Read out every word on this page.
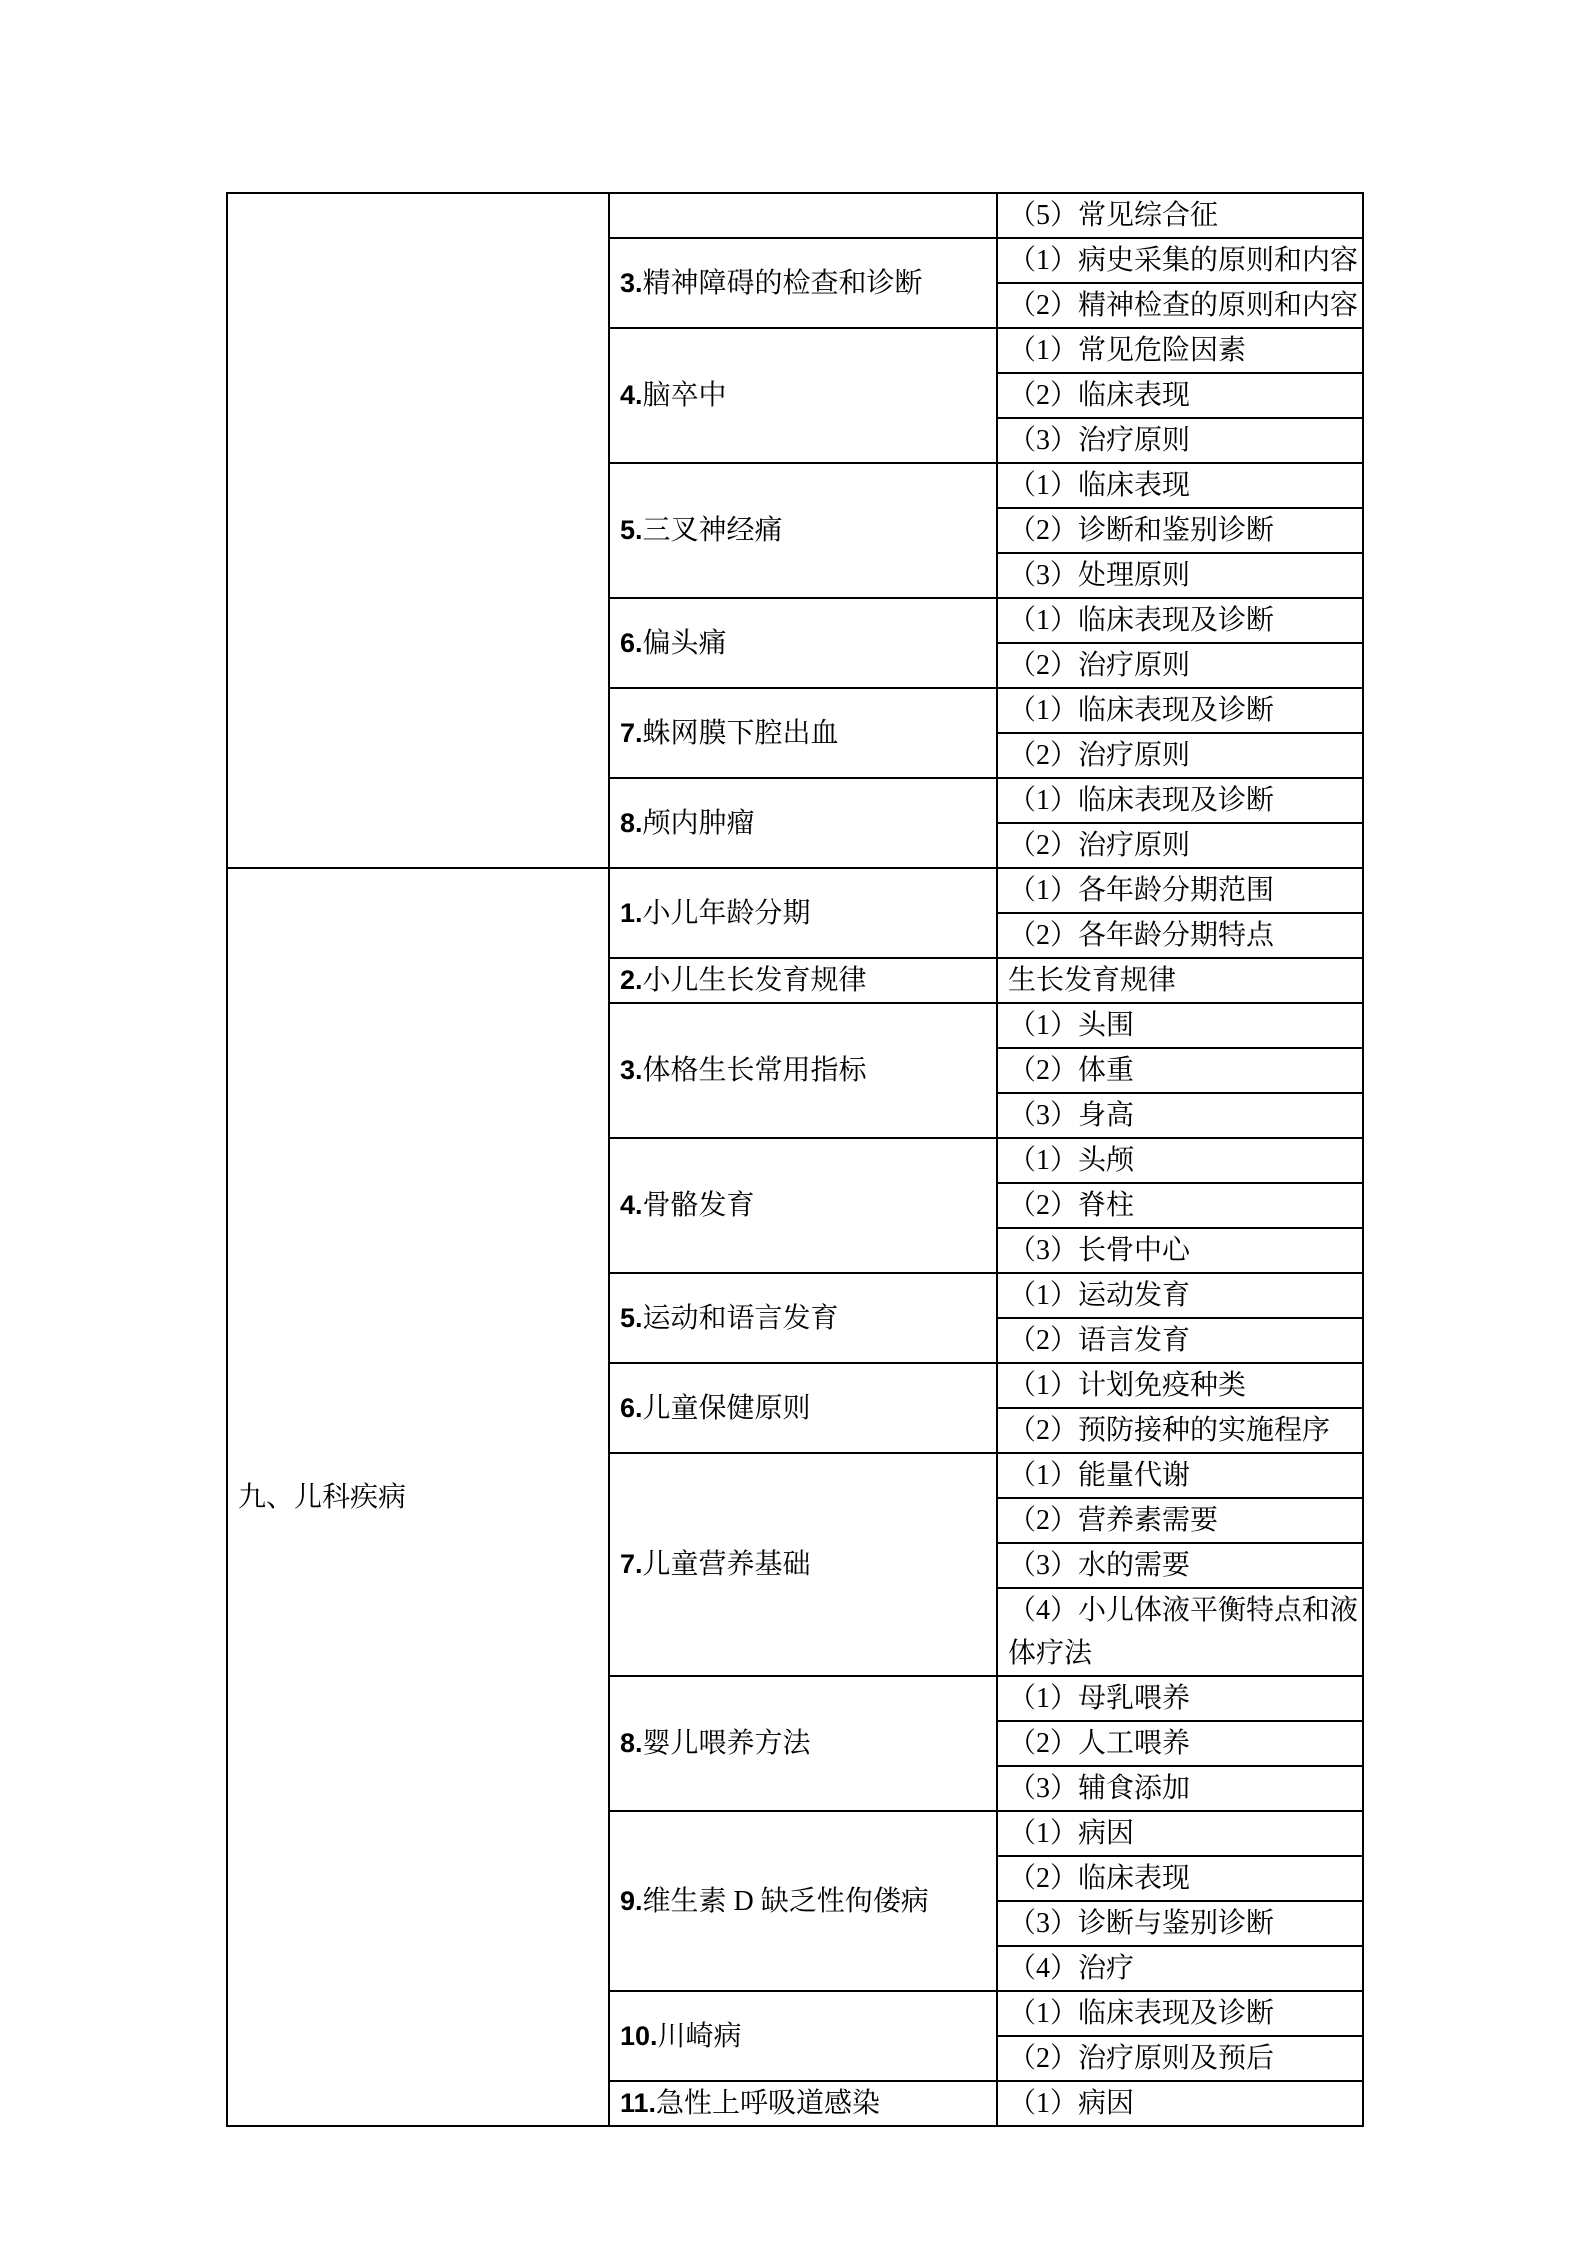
		（5）常见综合征
	3.精神障碍的检查和诊断	（1）病史采集的原则和内容
		（2）精神检查的原则和内容
	4.脑卒中	（1）常见危险因素
		（2）临床表现
		（3）治疗原则
	5.三叉神经痛	（1）临床表现
		（2）诊断和鉴别诊断
		（3）处理原则
	6.偏头痛	（1）临床表现及诊断
		（2）治疗原则
	7.蛛网膜下腔出血	（1）临床表现及诊断
		（2）治疗原则
	8.颅内肿瘤	（1）临床表现及诊断
		（2）治疗原则
九、儿科疾病	1.小儿年龄分期	（1）各年龄分期范围
		（2）各年龄分期特点
	2.小儿生长发育规律	生长发育规律
	3.体格生长常用指标	（1）头围
		（2）体重
		（3）身高
	4.骨骼发育	（1）头颅
		（2）脊柱
		（3）长骨中心
	5.运动和语言发育	（1）运动发育
		（2）语言发育
	6.儿童保健原则	（1）计划免疫种类
		（2）预防接种的实施程序
	7.儿童营养基础	（1）能量代谢
		（2）营养素需要
		（3）水的需要
		（4）小儿体液平衡特点和液体疗法
	8.婴儿喂养方法	（1）母乳喂养
		（2）人工喂养
		（3）辅食添加
	9.维生素 D 缺乏性佝偻病	（1）病因
		（2）临床表现
		（3）诊断与鉴别诊断
		（4）治疗
	10.川崎病	（1）临床表现及诊断
		（2）治疗原则及预后
	11.急性上呼吸道感染	（1）病因
